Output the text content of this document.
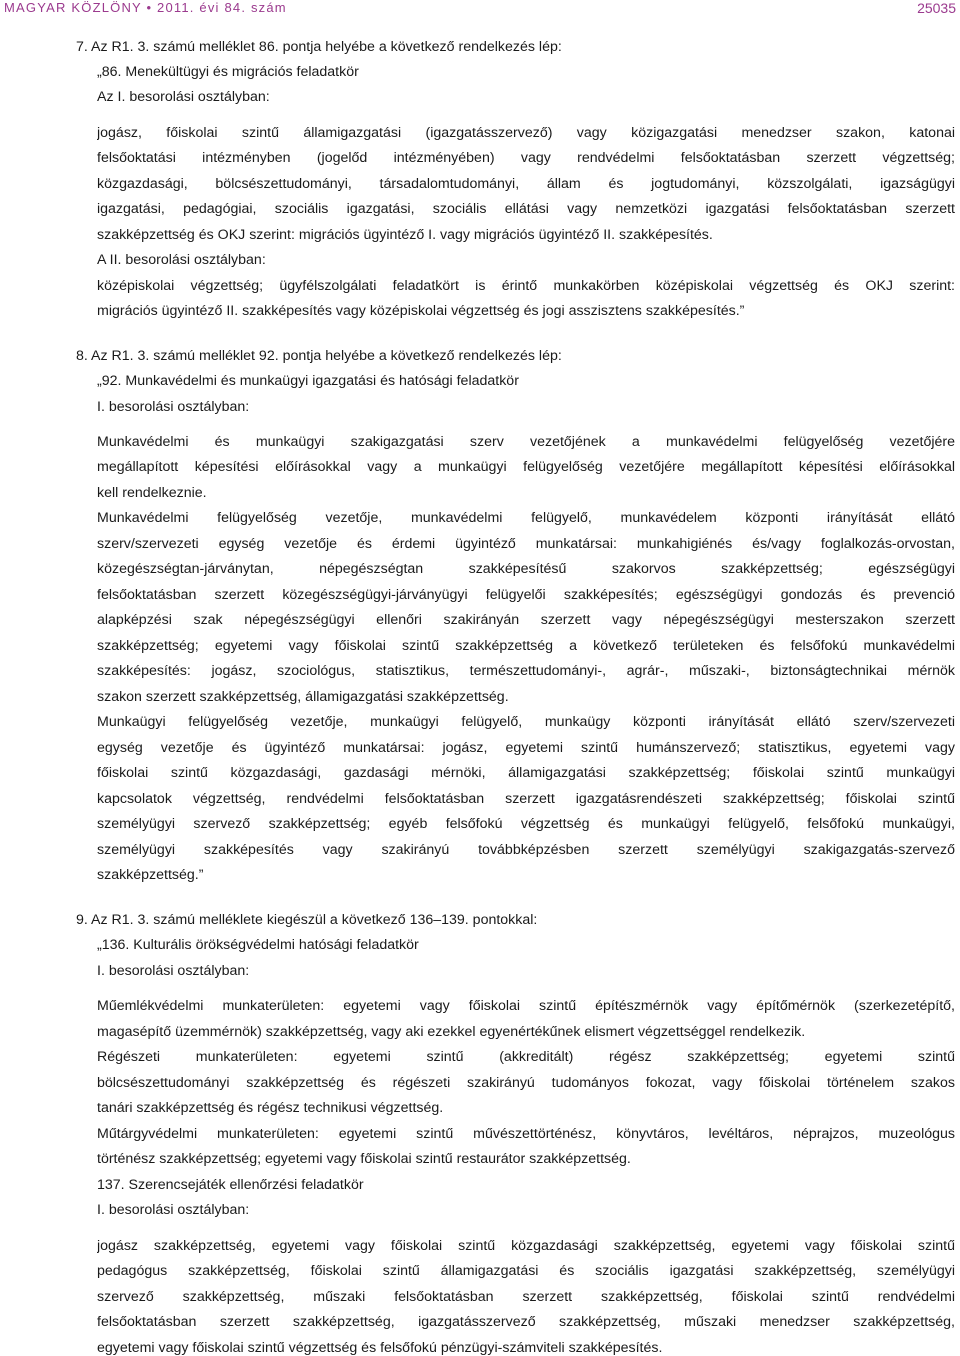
MAGYAR KÖZLÖNY • 2011. évi 84. szám	25035
7. Az R1. 3. számú melléklet 86. pontja helyébe a következő rendelkezés lép:
„86. Menekültügyi és migrációs feladatkör
Az I. besorolási osztályban:
jogász, főiskolai szintű államigazgatási (igazgatásszervező) vagy közigazgatási menedzser szakon, katonai
felsőoktatási intézményben (jogelőd intézményében) vagy rendvédelmi felsőoktatásban szerzett végzettség;
közgazdasági, bölcsészettudományi, társadalomtudományi, állam és jogtudományi, közszolgálati, igazságügyi
igazgatási, pedagógiai, szociális igazgatási, szociális ellátási vagy nemzetközi igazgatási felsőoktatásban szerzett
szakképzettség és OKJ szerint: migrációs ügyintéző I. vagy migrációs ügyintéző II. szakképesítés.
A II. besorolási osztályban:
középiskolai végzettség; ügyfélszolgálati feladatkört is érintő munkakörben középiskolai végzettség és OKJ szerint:
migrációs ügyintéző II. szakképesítés vagy középiskolai végzettség és jogi asszisztens szakképesítés.”
8. Az R1. 3. számú melléklet 92. pontja helyébe a következő rendelkezés lép:
„92. Munkavédelmi és munkaügyi igazgatási és hatósági feladatkör
I. besorolási osztályban:
Munkavédelmi és munkaügyi szakigazgatási szerv vezetőjének a munkavédelmi felügyelőség vezetőjére
megállapított képesítési előírásokkal vagy a munkaügyi felügyelőség vezetőjére megállapított képesítési előírásokkal
kell rendelkeznie.
Munkavédelmi felügyelőség vezetője, munkavédelmi felügyelő, munkavédelem központi irányítását ellátó
szerv/szervezeti egység vezetője és érdemi ügyintéző munkatársai: munkahigiénés és/vagy foglalkozás-orvostan,
közegészségtan-járványtan, népegészségtan szakképesítésű szakorvos szakképzettség; egészségügyi
felsőoktatásban szerzett közegészségügyi-járványügyi felügyelői szakképesítés; egészségügyi gondozás és prevenció
alapképzési szak népegészségügyi ellenőri szakirányán szerzett vagy népegészségügyi mesterszakon szerzett
szakképzettség; egyetemi vagy főiskolai szintű szakképzettség a következő területeken és felsőfokú munkavédelmi
szakképesítés: jogász, szociológus, statisztikus, természettudományi-, agrár-, műszaki-, biztonságtechnikai mérnök
szakon szerzett szakképzettség, államigazgatási szakképzettség.
Munkaügyi felügyelőség vezetője, munkaügyi felügyelő, munkaügy központi irányítását ellátó szerv/szervezeti
egység vezetője és ügyintéző munkatársai: jogász, egyetemi szintű humánszervező; statisztikus, egyetemi vagy
főiskolai szintű közgazdasági, gazdasági mérnöki, államigazgatási szakképzettség; főiskolai szintű munkaügyi
kapcsolatok végzettség, rendvédelmi felsőoktatásban szerzett igazgatásrendészeti szakképzettség; főiskolai szintű
személyügyi szervező szakképzettség; egyéb felsőfokú végzettség és munkaügyi felügyelő, felsőfokú munkaügyi,
személyügyi szakképesítés vagy szakirányú továbbképzésben szerzett személyügyi szakigazgatás-szervező
szakképzettség.”
9. Az R1. 3. számú melléklete kiegészül a következő 136–139. pontokkal:
„136. Kulturális örökségvédelmi hatósági feladatkör
I. besorolási osztályban:
Műemlékvédelmi munkaterületen: egyetemi vagy főiskolai szintű építészmérnök vagy építőmérnök (szerkezetépítő,
magasépítő üzemmérnök) szakképzettség, vagy aki ezekkel egyenértékűnek elismert végzettséggel rendelkezik.
Régészeti munkaterületen: egyetemi szintű (akkreditált) régész szakképzettség; egyetemi szintű
bölcsészettudományi szakképzettség és régészeti szakirányú tudományos fokozat, vagy főiskolai történelem szakos
tanári szakképzettség és régész technikusi végzettség.
Műtárgyvédelmi munkaterületen: egyetemi szintű művészettörténész, könyvtáros, levéltáros, néprajzos, muzeológus
történész szakképzettség; egyetemi vagy főiskolai szintű restaurátor szakképzettség.
137. Szerencsejáték ellenőrzési feladatkör
I. besorolási osztályban:
jogász szakképzettség, egyetemi vagy főiskolai szintű közgazdasági szakképzettség, egyetemi vagy főiskolai szintű
pedagógus szakképzettség, főiskolai szintű államigazgatási és szociális igazgatási szakképzettség, személyügyi
szervező szakképzettség, műszaki felsőoktatásban szerzett szakképzettség, főiskolai szintű rendvédelmi
felsőoktatásban szerzett szakképzettség, igazgatásszervező szakképzettség, műszaki menedzser szakképzettség,
egyetemi vagy főiskolai szintű végzettség és felsőfokú pénzügyi-számviteli szakképesítés.
